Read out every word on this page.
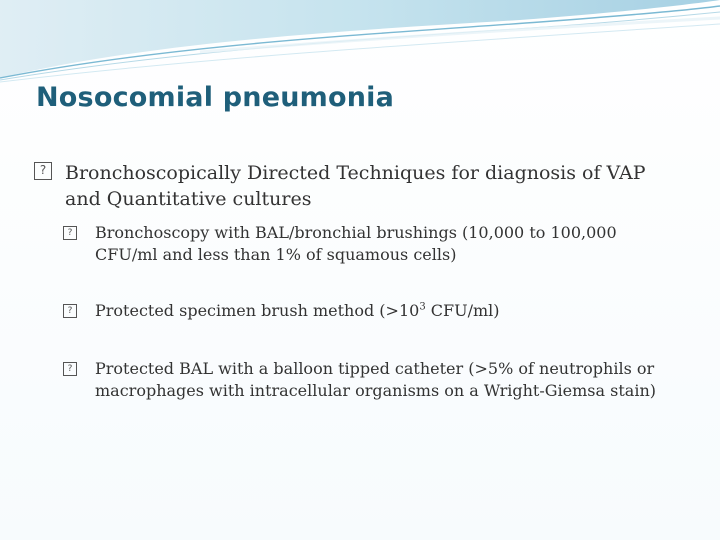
Nosocomial pneumonia
? Bronchoscopically Directed Techniques for diagnosis of VAP and Quantitative cultures
?	Bronchoscopy with BAL/bronchial brushings (10,000 to 100,000 CFU/ml and less than 1% of squamous cells)
?	Protected specimen brush method ($>10^3$ CFU/ml)
?	Protected BAL with a balloon tipped catheter (>5% of neutrophils or macrophages with intracellular organisms on a Wright-Giemsa stain)
